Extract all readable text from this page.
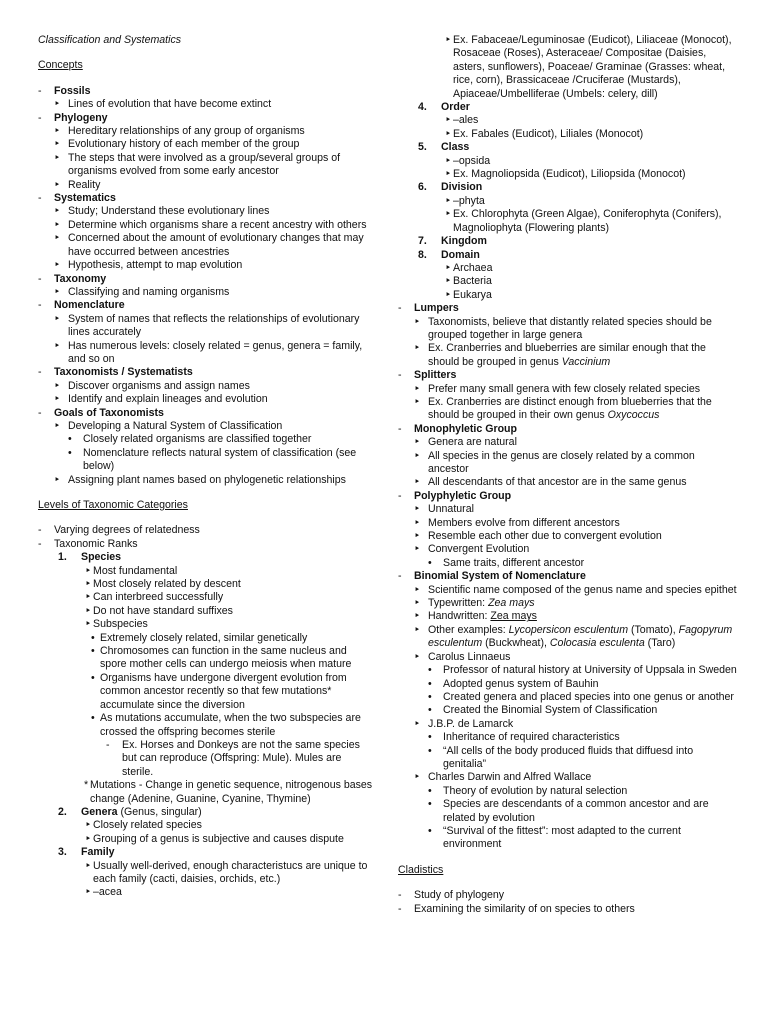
Classification and Systematics
Concepts
- Fossils
‣ Lines of evolution that have become extinct
- Phylogeny
‣ Hereditary relationships of any group of organisms
‣ Evolutionary history of each member of the group
‣ The steps that were involved as a group/several groups of organisms evolved from some early ancestor
‣ Reality
- Systematics
‣ Study; Understand these evolutionary lines
‣ Determine which organisms share a recent ancestry with others
‣ Concerned about the amount of evolutionary changes that may have occurred between ancestries
‣ Hypothesis, attempt to map evolution
- Taxonomy
‣ Classifying and naming organisms
- Nomenclature
‣ System of names that reflects the relationships of evolutionary lines accurately
‣ Has numerous levels: closely related = genus, genera = family, and so on
- Taxonomists / Systematists
‣ Discover organisms and assign names
‣ Identify and explain lineages and evolution
- Goals of Taxonomists
‣ Developing a Natural System of Classification
• Closely related organisms are classified together
• Nomenclature reflects natural system of classification (see below)
‣ Assigning plant names based on phylogenetic relationships
Levels of Taxonomic Categories
- Varying degrees of relatedness
- Taxonomic Ranks
1. Species
‣ Most fundamental
‣ Most closely related by descent
‣ Can interbreed successfully
‣ Do not have standard suffixes
‣ Subspecies
• Extremely closely related, similar genetically
• Chromosomes can function in the same nucleus and spore mother cells can undergo meiosis when mature
• Organisms have undergone divergent evolution from common ancestor recently so that few mutations* accumulate since the diversion
• As mutations accumulate, when the two subspecies are crossed the offspring becomes sterile
- Ex. Horses and Donkeys are not the same species but can reproduce (Offspring: Mule). Mules are sterile.
* Mutations - Change in genetic sequence, nitrogenous bases change (Adenine, Guanine, Cyanine, Thymine)
2. Genera (Genus, singular)
‣ Closely related species
‣ Grouping of a genus is subjective and causes dispute
3. Family
‣ Usually well-derived, enough characteristucs are unique to each family (cacti, daisies, orchids, etc.)
‣ –acea
‣ Ex. Fabaceae/Leguminosae (Eudicot), Liliaceae (Monocot), Rosaceae (Roses), Asteraceae/ Compositae (Daisies, asters, sunflowers), Poaceae/ Graminae (Grasses: wheat, rice, corn), Brassicaceae /Cruciferae (Mustards), Apiaceae/Umbelliferae (Umbels: celery, dill)
4. Order
‣ –ales
‣ Ex. Fabales (Eudicot), Liliales (Monocot)
5. Class
‣ –opsida
‣ Ex. Magnoliopsida (Eudicot), Liliopsida (Monocot)
6. Division
‣ –phyta
‣ Ex. Chlorophyta (Green Algae), Coniferophyta (Conifers), Magnoliophyta (Flowering plants)
7. Kingdom
8. Domain
‣ Archaea
‣ Bacteria
‣ Eukarya
- Lumpers
‣ Taxonomists, believe that distantly related species should be grouped together in large genera
‣ Ex. Cranberries and blueberries are similar enough that the should be grouped in genus Vaccinium
- Splitters
‣ Prefer many small genera with few closely related species
‣ Ex. Cranberries are distinct enough from blueberries that the should be grouped in their own genus Oxycoccus
- Monophyletic Group
‣ Genera are natural
‣ All species in the genus are closely related by a common ancestor
‣ All descendants of that ancestor are in the same genus
- Polyphyletic Group
‣ Unnatural
‣ Members evolve from different ancestors
‣ Resemble each other due to convergent evolution
‣ Convergent Evolution
• Same traits, different ancestor
- Binomial System of Nomenclature
‣ Scientific name composed of the genus name and species epithet
‣ Typewritten: Zea mays
‣ Handwritten: Zea mays
‣ Other examples: Lycopersicon esculentum (Tomato), Fagopyrum esculentum (Buckwheat), Colocasia esculenta (Taro)
‣ Carolus Linnaeus
• Professor of natural history at University of Uppsala in Sweden
• Adopted genus system of Bauhin
• Created genera and placed species into one genus or another
• Created the Binomial System of Classification
‣ J.B.P. de Lamarck
• Inheritance of required characteristics
• “All cells of the body produced fluids that diffuesd into genitalia”
‣ Charles Darwin and Alfred Wallace
• Theory of evolution by natural selection
• Species are descendants of a common ancestor and are related by evolution
• “Survival of the fittest”: most adapted to the current environment
Cladistics
- Study of phylogeny
- Examining the similarity of on species to others
